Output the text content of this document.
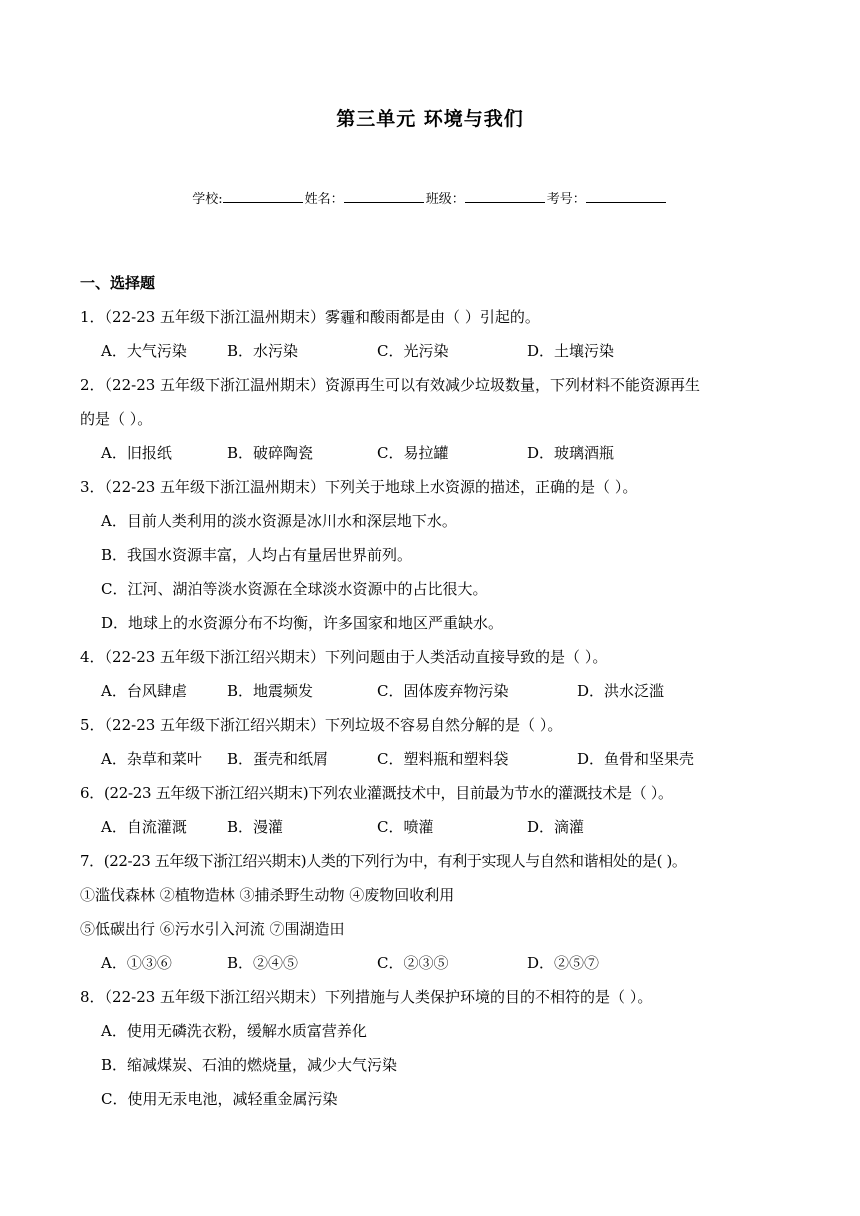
第三单元 环境与我们
学校:	姓名：	班级：	考号：
一、选择题
1．（22-23 五年级下浙江温州期末）雾霾和酸雨都是由（ ）引起的。
A．大气污染	B．水污染	C．光污染	D．土壤污染
2．（22-23 五年级下浙江温州期末）资源再生可以有效减少垃圾数量，下列材料不能资源再生
的是（ ）。
A．旧报纸	B．破碎陶瓷	C．易拉罐	D．玻璃酒瓶
3．（22-23 五年级下浙江温州期末）下列关于地球上水资源的描述，正确的是（ ）。
A．目前人类利用的淡水资源是冰川水和深层地下水。
B．我国水资源丰富，人均占有量居世界前列。
C．江河、湖泊等淡水资源在全球淡水资源中的占比很大。
D．地球上的水资源分布不均衡，许多国家和地区严重缺水。
4．（22-23 五年级下浙江绍兴期末）下列问题由于人类活动直接导致的是（ ）。
A．台风肆虐	B．地震频发	C．固体废弃物污染	D．洪水泛滥
5．（22-23 五年级下浙江绍兴期末）下列垃圾不容易自然分解的是（ ）。
A．杂草和菜叶 B．蛋壳和纸屑	C．塑料瓶和塑料袋	D．鱼骨和坚果壳
6．(22-23 五年级下浙江绍兴期末)下列农业灌溉技术中，目前最为节水的灌溉技术是（ ）。
A．自流灌溉	B．漫灌	C．喷灌	D．滴灌
7．(22-23 五年级下浙江绍兴期末)人类的下列行为中，有利于实现人与自然和谐相处的是( )。
①滥伐森林 ②植物造林 ③捕杀野生动物 ④废物回收利用
⑤低碳出行 ⑥污水引入河流 ⑦围湖造田
A．①③⑥	B．②④⑤	C．②③⑤	D．②⑤⑦
8．（22-23 五年级下浙江绍兴期末）下列措施与人类保护环境的目的不相符的是（ ）。
A．使用无磷洗衣粉，缓解水质富营养化
B．缩减煤炭、石油的燃烧量，减少大气污染
C．使用无汞电池，减轻重金属污染
